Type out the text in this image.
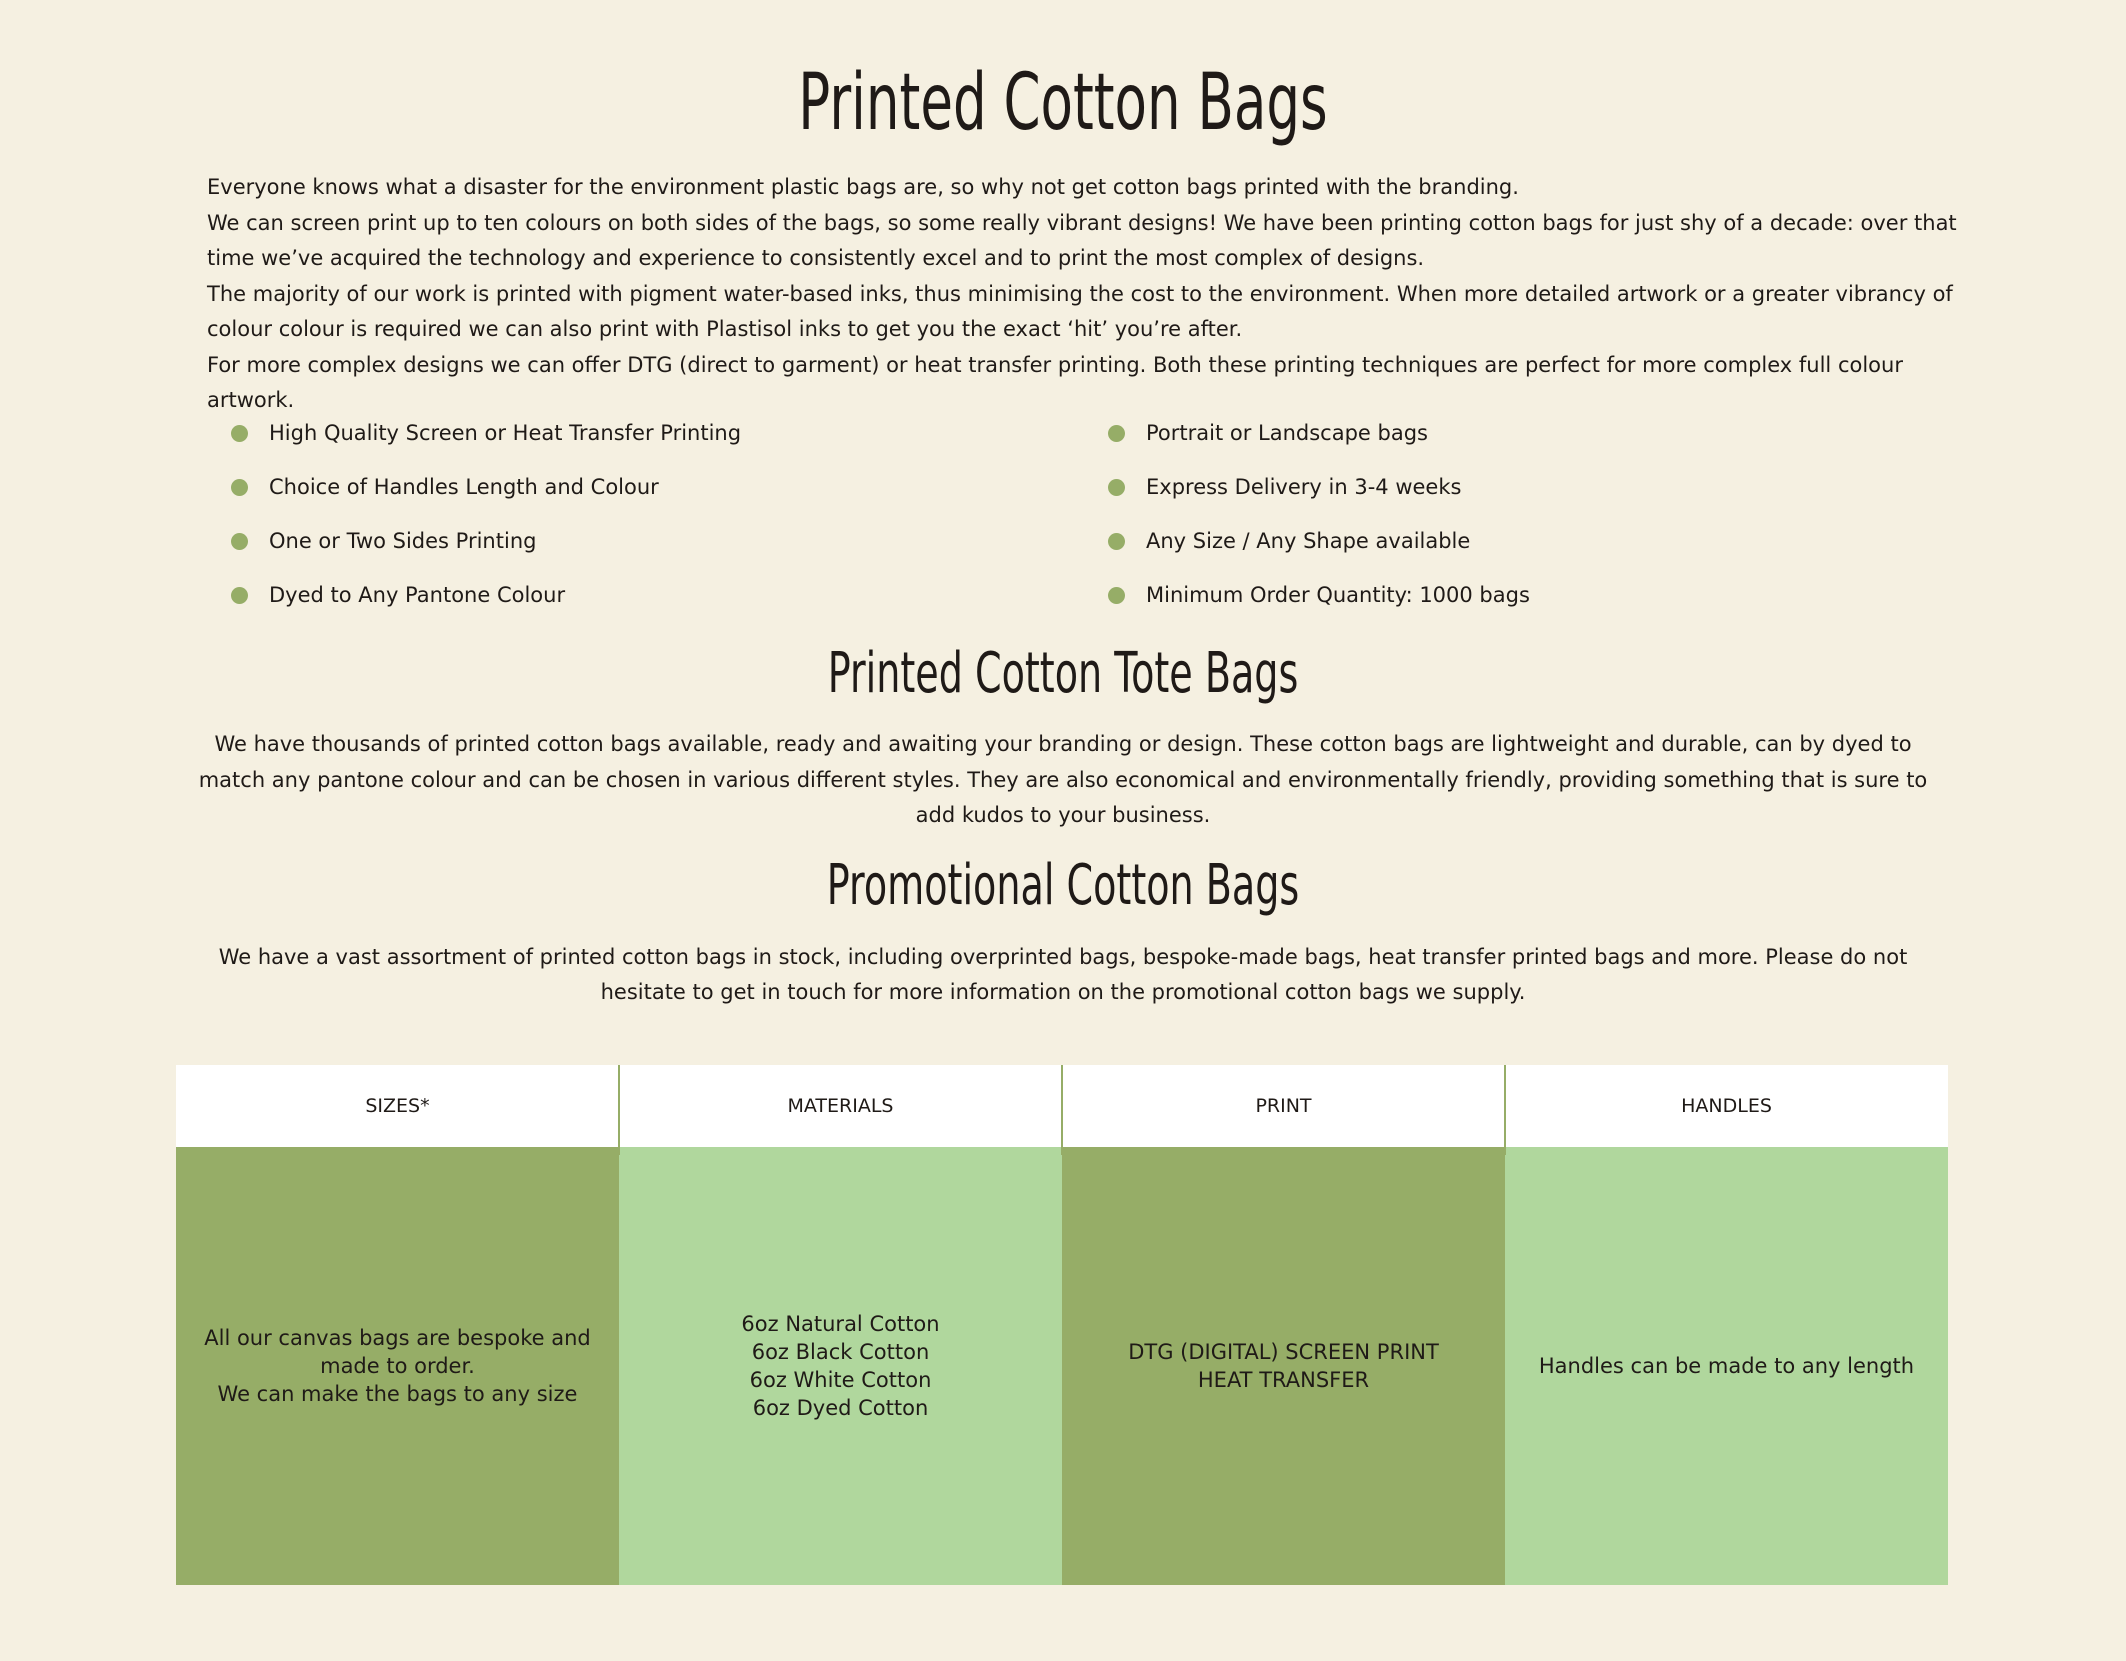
Printed Cotton Bags

Everyone knows what a disaster for the environment plastic bags are, so why not get cotton bags printed with the branding.

We can screen print up to ten colours on both sides of the bags, so some really vibrant designs! We have been printing cotton bags for just shy of a decade: over that time we’ve acquired the technology and experience to consistently excel and to print the most complex of designs.

The majority of our work is printed with pigment water-based inks, thus minimising the cost to the environment. When more detailed artwork or a greater vibrancy of colour colour is required we can also print with Plastisol inks to get you the exact ‘hit’ you’re after.

For more complex designs we can offer DTG (direct to garment) or heat transfer printing. Both these printing techniques are perfect for more complex full colour artwork.

High Quality Screen or Heat Transfer Printing
Choice of Handles Length and Colour
One or Two Sides Printing
Dyed to Any Pantone Colour
Portrait or Landscape bags
Express Delivery in 3-4 weeks
Any Size / Any Shape available
Minimum Order Quantity: 1000 bags
Printed Cotton Tote Bags
We have thousands of printed cotton bags available, ready and awaiting your branding or design. These cotton bags are lightweight and durable, can by dyed to match any pantone colour and can be chosen in various different styles. They are also economical and environmentally friendly, providing something that is sure to add kudos to your business.
Promotional Cotton Bags
We have a vast assortment of printed cotton bags in stock, including overprinted bags, bespoke-made bags, heat transfer printed bags and more. Please do not hesitate to get in touch for more information on the promotional cotton bags we supply.
SIZES*
All our canvas bags are bespoke and
made to order.
We can make the bags to any size
MATERIALS
6oz Natural Cotton
6oz Black Cotton
6oz White Cotton
6oz Dyed Cotton
PRINT
DTG (DIGITAL) SCREEN PRINT
HEAT TRANSFER
HANDLES
Handles can be made to any length
